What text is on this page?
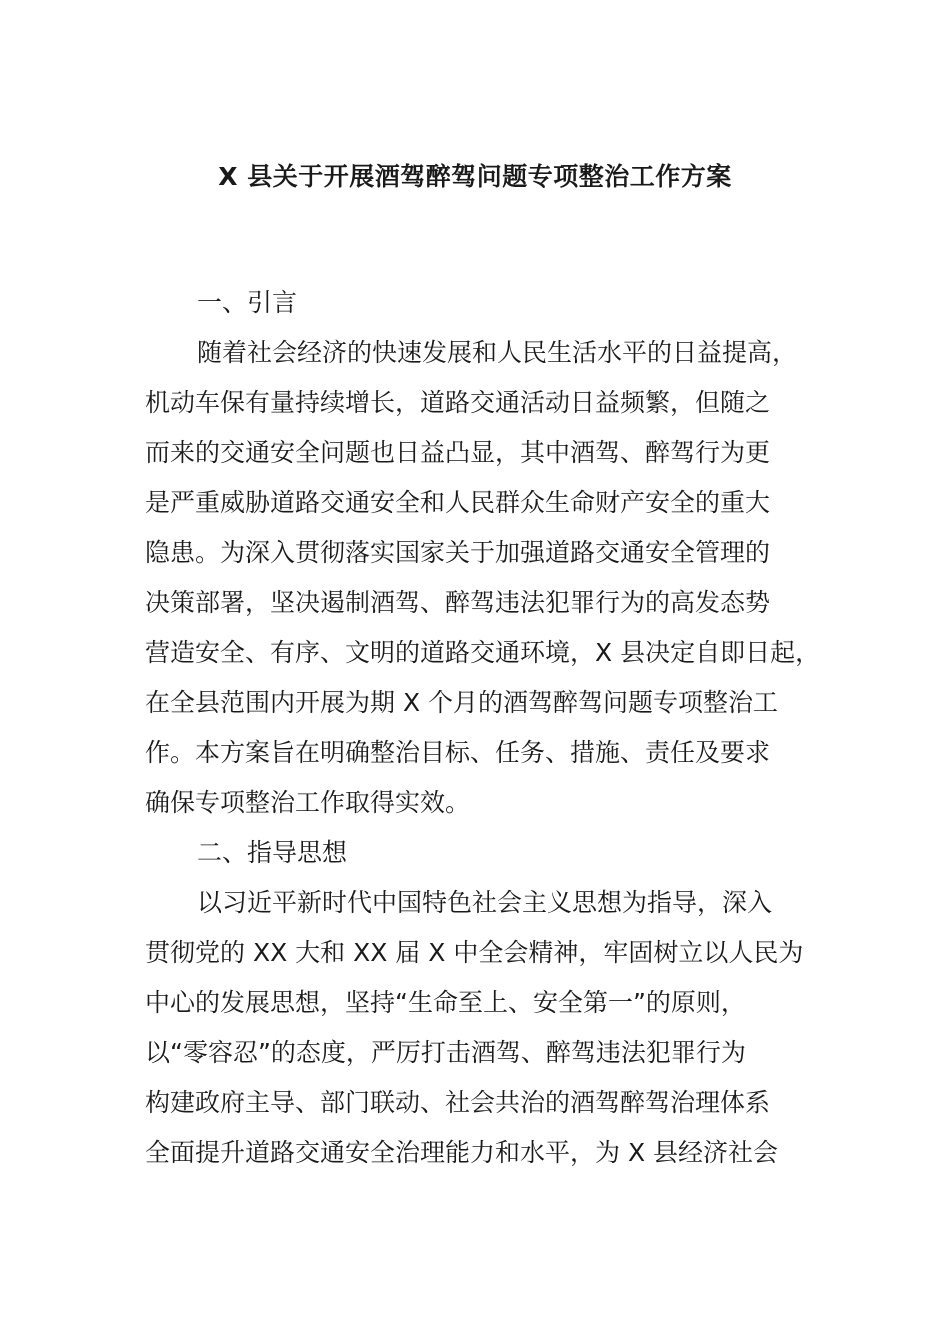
X 县关于开展酒驾醉驾问题专项整治工作方案

一、引言

随着社会经济的快速发展和人民生活水平的日益提高，

机动车保有量持续增长，道路交通活动日益频繁，但随之

而来的交通安全问题也日益凸显，其中酒驾、醉驾行为更

是严重威胁道路交通安全和人民群众生命财产安全的重大

隐患。为深入贯彻落实国家关于加强道路交通安全管理的

决策部署，坚决遏制酒驾、醉驾违法犯罪行为的高发态势

营造安全、有序、文明的道路交通环境，X 县决定自即日起，

在全县范围内开展为期 X 个月的酒驾醉驾问题专项整治工

作。本方案旨在明确整治目标、任务、措施、责任及要求

确保专项整治工作取得实效。

二、指导思想

以习近平新时代中国特色社会主义思想为指导，深入

贯彻党的 XX 大和 XX 届 X 中全会精神，牢固树立以人民为

中心的发展思想，坚持“生命至上、安全第一”的原则，

以“零容忍”的态度，严厉打击酒驾、醉驾违法犯罪行为

构建政府主导、部门联动、社会共治的酒驾醉驾治理体系

全面提升道路交通安全治理能力和水平，为 X 县经济社会
